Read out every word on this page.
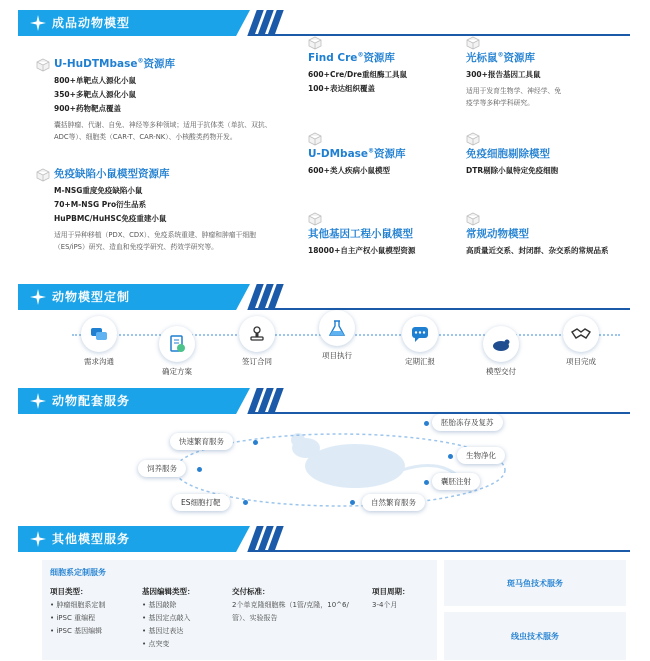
成品动物模型
U-HuDTMbase®资源库
800+单靶点人源化小鼠
350+多靶点人源化小鼠
900+药物靶点覆盖
囊括肿瘤、代谢、自免、神经等多种领域；适用于抗体类（单抗、双抗、ADC等）、细胞类（CAR-T、CAR-NK）、小核酸类药物开发。
免疫缺陷小鼠模型资源库
M-NSG重度免疫缺陷小鼠
70+M-NSG Pro衍生品系
HuPBMC/HuHSC免疫重建小鼠
适用于异种移植（PDX、CDX）、免疫系统重建、肿瘤和肿瘤干细胞（ES/iPS）研究、造血和免疫学研究、药效学研究等。
Find Cre®资源库
600+Cre/Dre重组酶工具鼠
100+表达组织覆盖
光标鼠®资源库
300+报告基因工具鼠
适用于发育生物学、神经学、免疫学等多种学科研究。
U-DMbase®资源库
600+类人疾病小鼠模型
免疫细胞剔除模型
DTR剔除小鼠特定免疫细胞
其他基因工程小鼠模型
18000+自主产权小鼠模型资源
常规动物模型
高质量近交系、封闭群、杂交系的常规品系
动物模型定制
需求沟通
确定方案
签订合同
项目执行
定期汇报
模型交付
项目完成
动物配套服务
快速繁育服务
饲养服务
ES细胞打靶	自然繁育服务
囊胚注射
生物净化
胚胎冻存及复苏
其他模型服务
细胞系定制服务
项目类型：
• 肿瘤细胞系定制
• iPSC 重编程
• iPSC 基因编辑
基因编辑类型：
• 基因敲除
• 基因定点敲入
• 基因过表达
• 点突变
交付标准：
2个单克隆细胞株（1管/克隆，10^6/管）、实验报告
项目周期：
3-4个月
斑马鱼技术服务
线虫技术服务
